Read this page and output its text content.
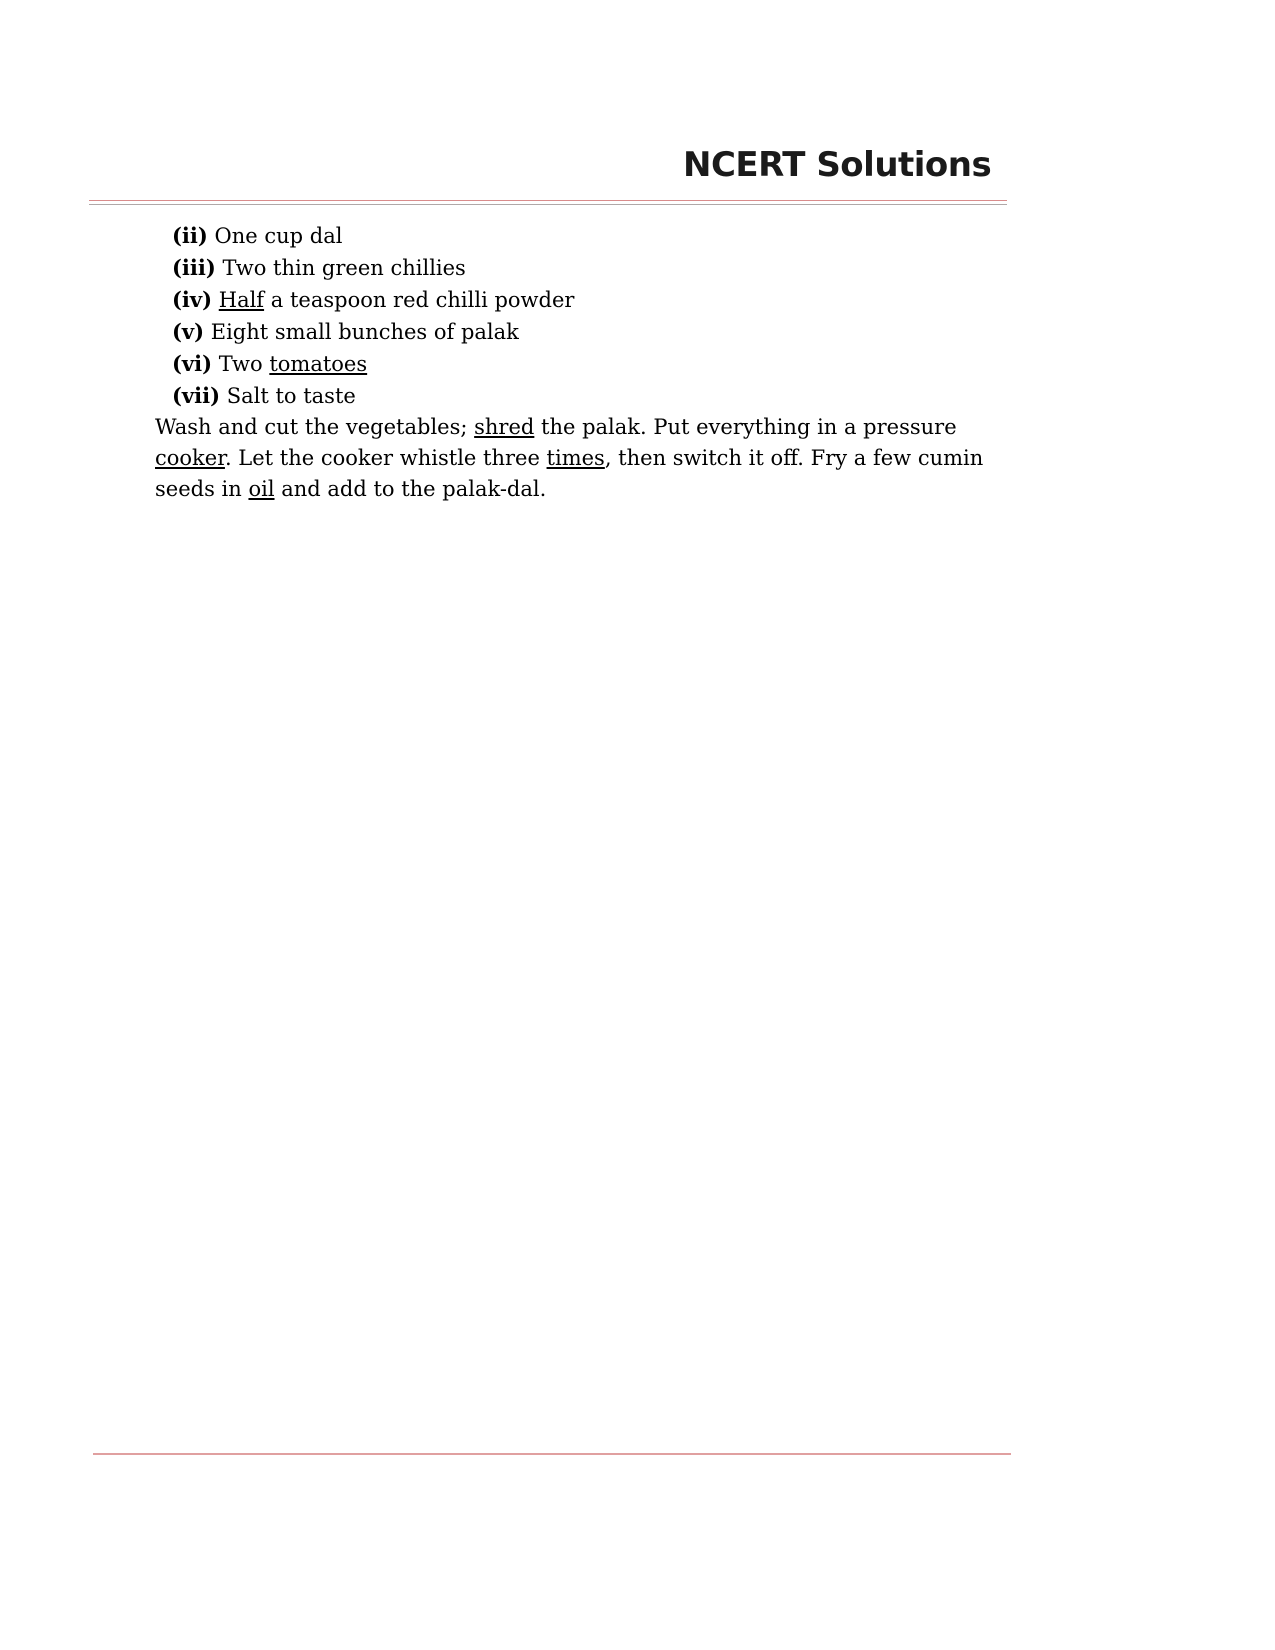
NCERT Solutions
(ii) One cup dal
(iii) Two thin green chillies
(iv) Half a teaspoon red chilli powder
(v) Eight small bunches of palak
(vi) Two tomatoes
(vii) Salt to taste

Wash and cut the vegetables; shred the palak. Put everything in a pressure cooker. Let the cooker whistle three times, then switch it off. Fry a few cumin seeds in oil and add to the palak-dal.
